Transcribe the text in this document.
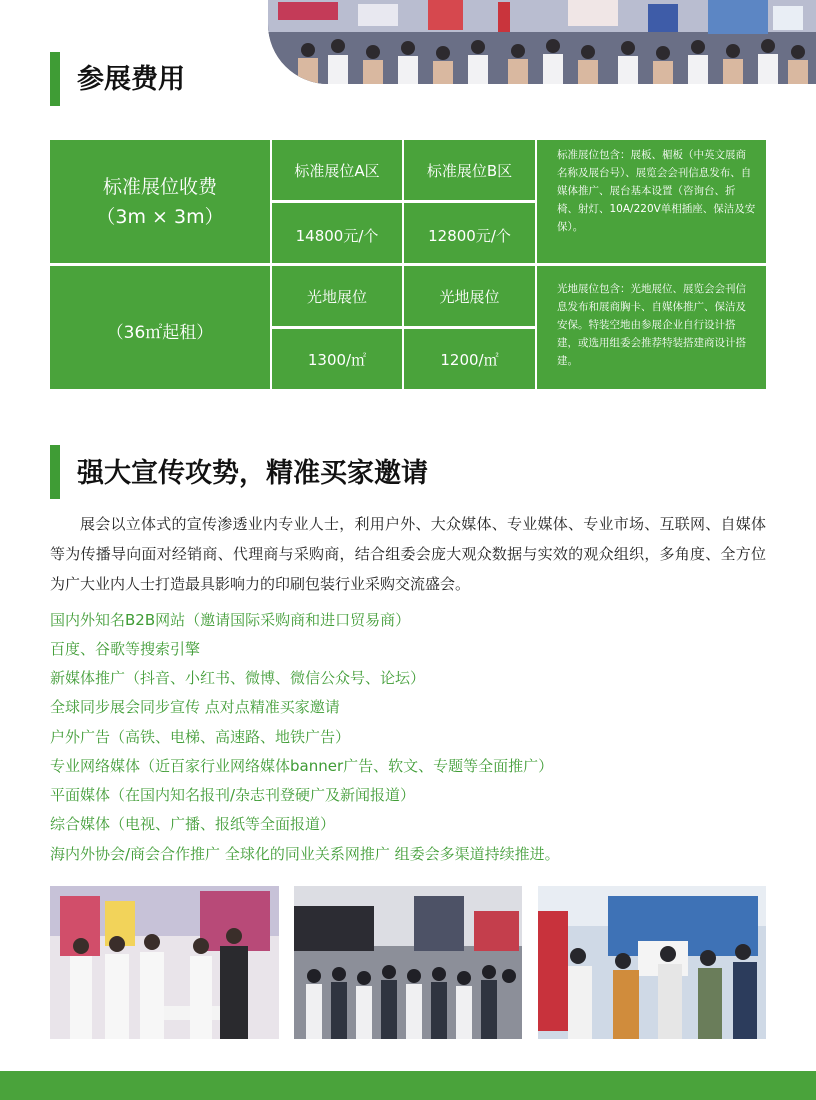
参展费用
标准展位收费
（3m × 3m）
标准展位A区	标准展位B区
14800元/个	12800元/个
标准展位包含：展板、楣板（中英文展商名称及展台号）、展览会会刊信息发布、自媒体推广、展台基本设置（咨询台、折椅、射灯、10A/220V单相插座、保洁及安保）。
（36㎡起租）
光地展位	光地展位
1300/㎡	1200/㎡
光地展位包含：光地展位、展览会会刊信息发布和展商胸卡、自媒体推广、保洁及安保。特装空地由参展企业自行设计搭建，或选用组委会推荐特装搭建商设计搭建。
强大宣传攻势，精准买家邀请
展会以立体式的宣传渗透业内专业人士，利用户外、大众媒体、专业媒体、专业市场、互联网、自媒体等为传播导向面对经销商、代理商与采购商，结合组委会庞大观众数据与实效的观众组织，多角度、全方位为广大业内人士打造最具影响力的印刷包装行业采购交流盛会。
国内外知名B2B网站（邀请国际采购商和进口贸易商）
百度、谷歌等搜索引擎
新媒体推广（抖音、小红书、微博、微信公众号、论坛）
全球同步展会同步宣传 点对点精准买家邀请
户外广告（高铁、电梯、高速路、地铁广告）
专业网络媒体（近百家行业网络媒体banner广告、软文、专题等全面推广）
平面媒体（在国内知名报刊/杂志刊登硬广及新闻报道）
综合媒体（电视、广播、报纸等全面报道）
海内外协会/商会合作推广 全球化的同业关系网推广 组委会多渠道持续推进。
